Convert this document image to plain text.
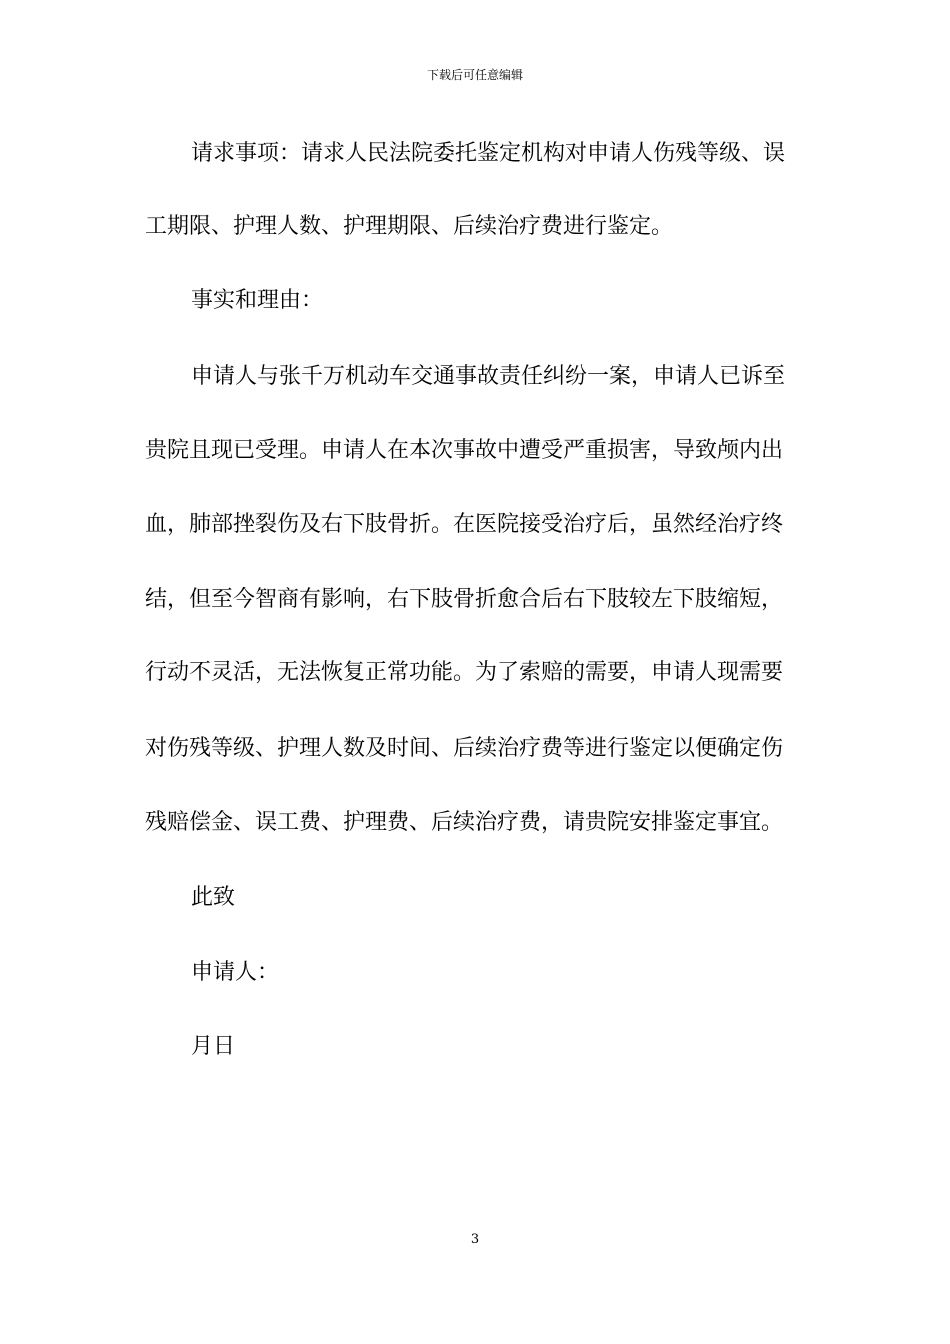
下载后可任意编辑
请求事项：请求人民法院委托鉴定机构对申请人伤残等级、误
工期限、护理人数、护理期限、后续治疗费进行鉴定。
事实和理由：
申请人与张千万机动车交通事故责任纠纷一案，申请人已诉至
贵院且现已受理。申请人在本次事故中遭受严重损害，导致颅内出
血，肺部挫裂伤及右下肢骨折。在医院接受治疗后，虽然经治疗终
结，但至今智商有影响，右下肢骨折愈合后右下肢较左下肢缩短，
行动不灵活，无法恢复正常功能。为了索赔的需要，申请人现需要
对伤残等级、护理人数及时间、后续治疗费等进行鉴定以便确定伤
残赔偿金、误工费、护理费、后续治疗费，请贵院安排鉴定事宜。
此致
申请人：
月日
3
